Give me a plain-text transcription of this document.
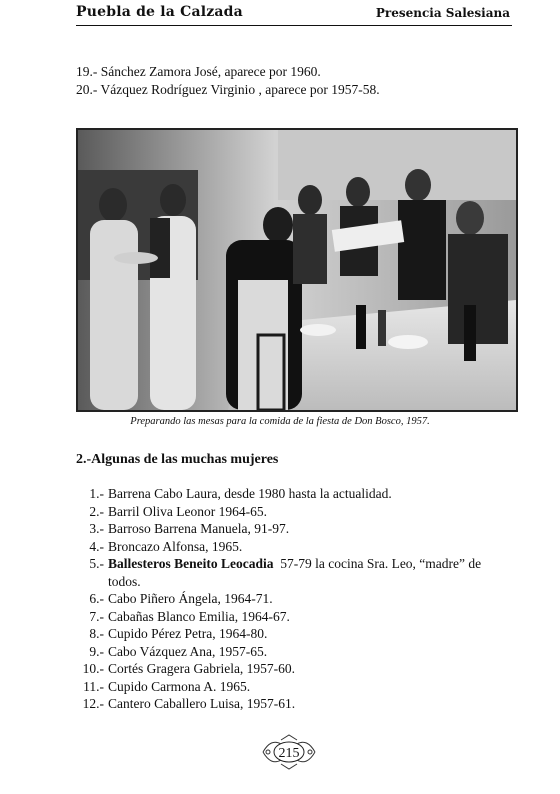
Puebla de la Calzada	Presencia Salesiana
19.- Sánchez Zamora José, aparece por 1960.
20.- Vázquez Rodríguez Virginio , aparece por 1957-58.
Preparando las mesas para la comida de la fiesta de Don Bosco, 1957.
2.-Algunas de las muchas mujeres
1.- Barrena Cabo Laura, desde 1980 hasta la actualidad.
2.- Barril Oliva Leonor 1964-65.
3.- Barroso Barrena Manuela, 91-97.
4.- Broncazo Alfonsa, 1965.
5.- Ballesteros Beneito Leocadia  57-79 la cocina Sra. Leo, “madre” de todos.
6.- Cabo Piñero Ángela, 1964-71.
7.- Cabañas Blanco Emilia, 1964-67.
8.- Cupido Pérez Petra, 1964-80.
9.- Cabo Vázquez Ana, 1957-65.
10.- Cortés Gragera Gabriela, 1957-60.
11.- Cupido Carmona A. 1965.
12.- Cantero Caballero Luisa, 1957-61.
215
